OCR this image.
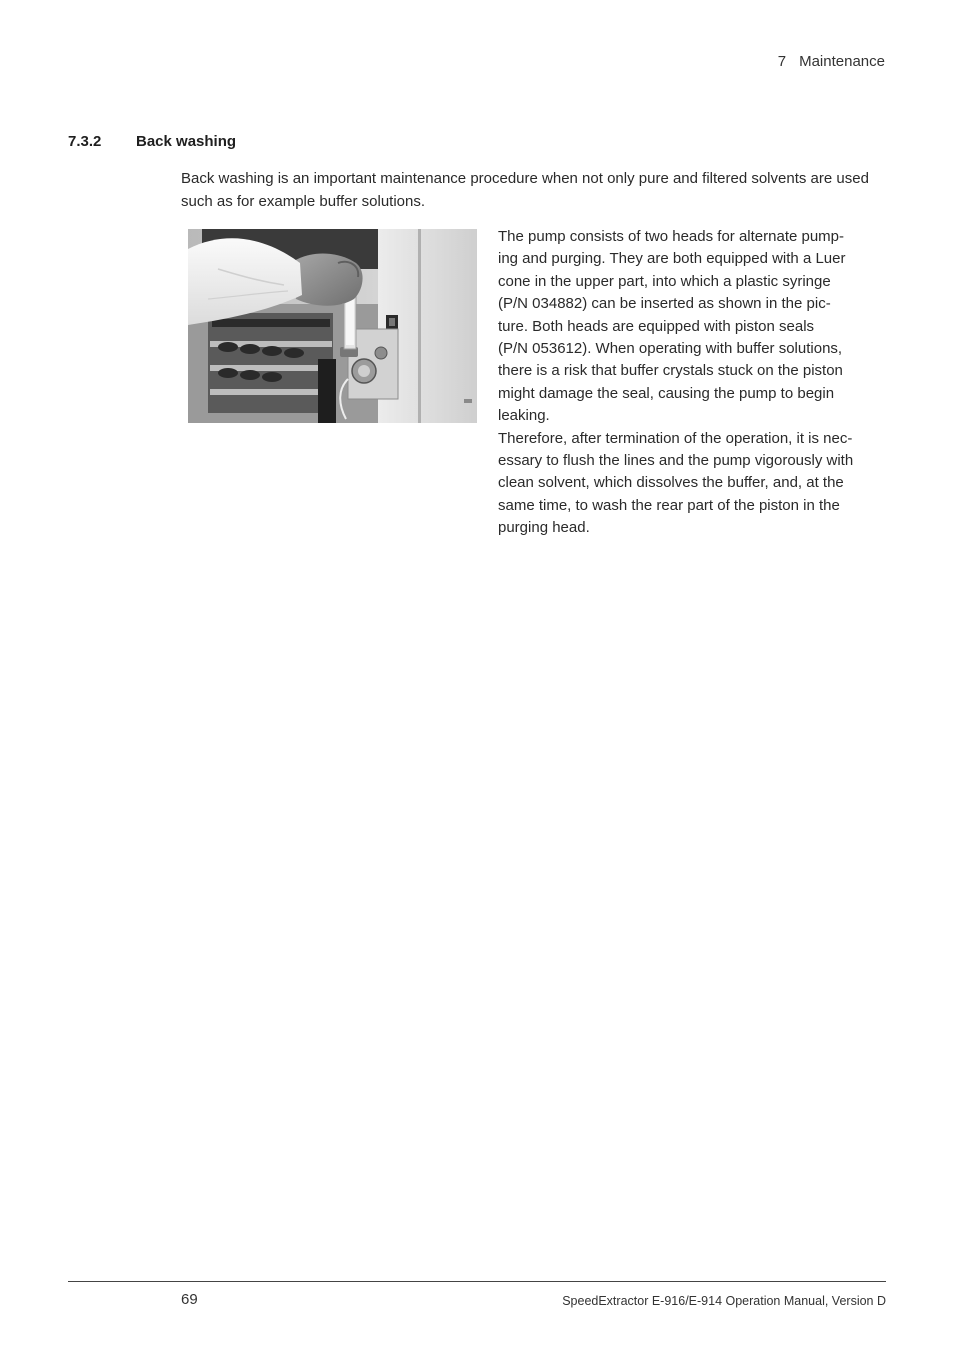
7 Maintenance
7.3.2 Back washing

Back washing is an important maintenance procedure when not only pure and filtered solvents are used such as for example buffer solutions.

The pump consists of two heads for alternate pump-
ing and purging. They are both equipped with a Luer
cone in the upper part, into which a plastic syringe
(P/N 034882) can be inserted as shown in the pic-
ture. Both heads are equipped with piston seals
(P/N 053612). When operating with buffer solutions,
there is a risk that buffer crystals stuck on the piston
might damage the seal, causing the pump to begin
leaking.

Therefore, after termination of the operation, it is nec-
essary to flush the lines and the pump vigorously with
clean solvent, which dissolves the buffer, and, at the
same time, to wash the rear part of the piston in the
purging head.

69	SpeedExtractor E-916/E-914 Operation Manual, Version D
